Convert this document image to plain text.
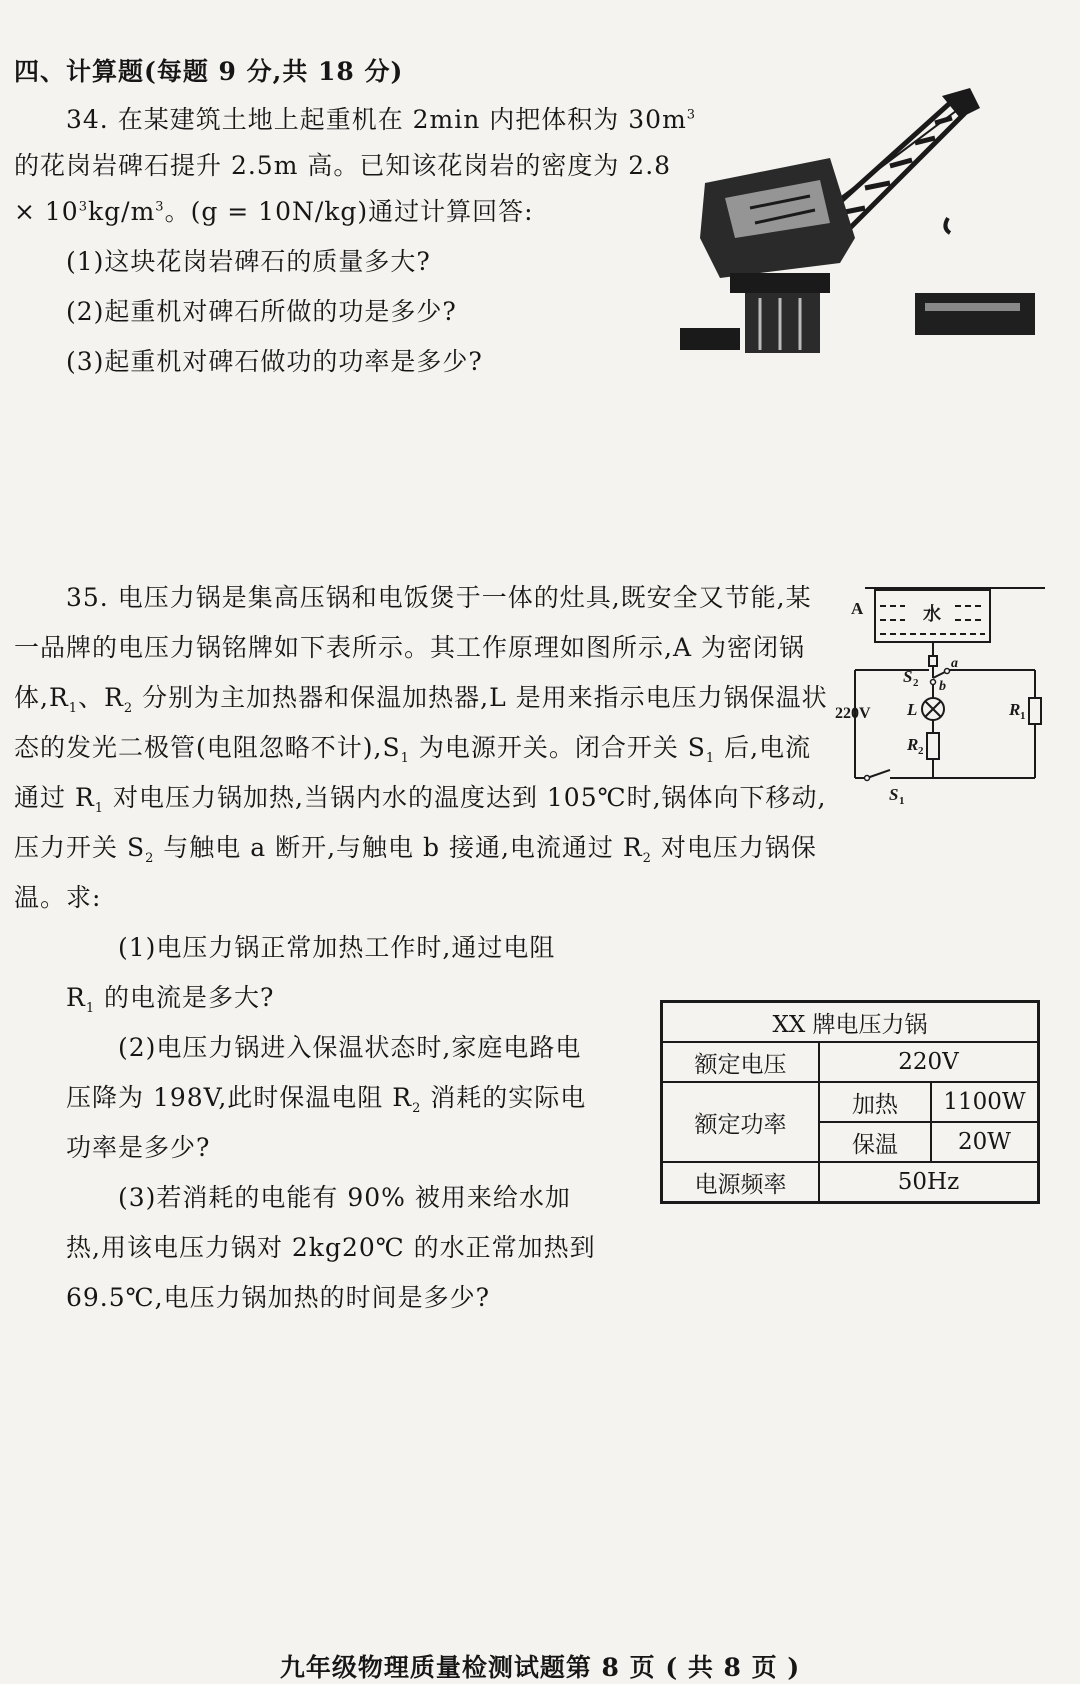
四、计算题(每题 9 分,共 18 分)
34. 在某建筑土地上起重机在 2min 内把体积为 $30m^3$
的花岗岩碑石提升 2.5m 高。已知该花岗岩的密度为 2.8
× $10^3kg/m^3$。(g = 10N/kg)通过计算回答:
(1)这块花岗岩碑石的质量多大?
(2)起重机对碑石所做的功是多少?
(3)起重机对碑石做功的功率是多少?
35. 电压力锅是集高压锅和电饭煲于一体的灶具,既安全又节能,某
一品牌的电压力锅铭牌如下表所示。其工作原理如图所示,A 为密闭锅
体$,R_1$、$R_2$ 分别为主加热器和保温加热器,L 是用来指示电压力锅保温状
态的发光二极管(电阻忽略不计)$,S_1$ 为电源开关。闭合开关 $S_1$ 后,电流
通过 $R_1$ 对电压力锅加热,当锅内水的温度达到 105℃时,锅体向下移动,
压力开关 $S_2$ 与触电 a 断开,与触电 b 接通,电流通过 $R_2$ 对电压力锅保
温。求:
(1)电压力锅正常加热工作时,通过电阻
$R_1$ 的电流是多大?
(2)电压力锅进入保温状态时,家庭电路电
压降为 198V,此时保温电阻 $R_2$ 消耗的实际电
功率是多少?
(3)若消耗的电能有 90% 被用来给水加
热,用该电压力锅对 2kg20℃ 的水正常加热到
69.5℃,电压力锅加热的时间是多少?
A	水
S 2
a
b
220V L	R 1
R 2
S 1
XX 牌电压力锅		
额定电压	220V	
额定功率	加热	1100W
	保温	20W
电源频率	50Hz	
九年级物理质量检测试题第 8 页 ( 共 8 页 )
